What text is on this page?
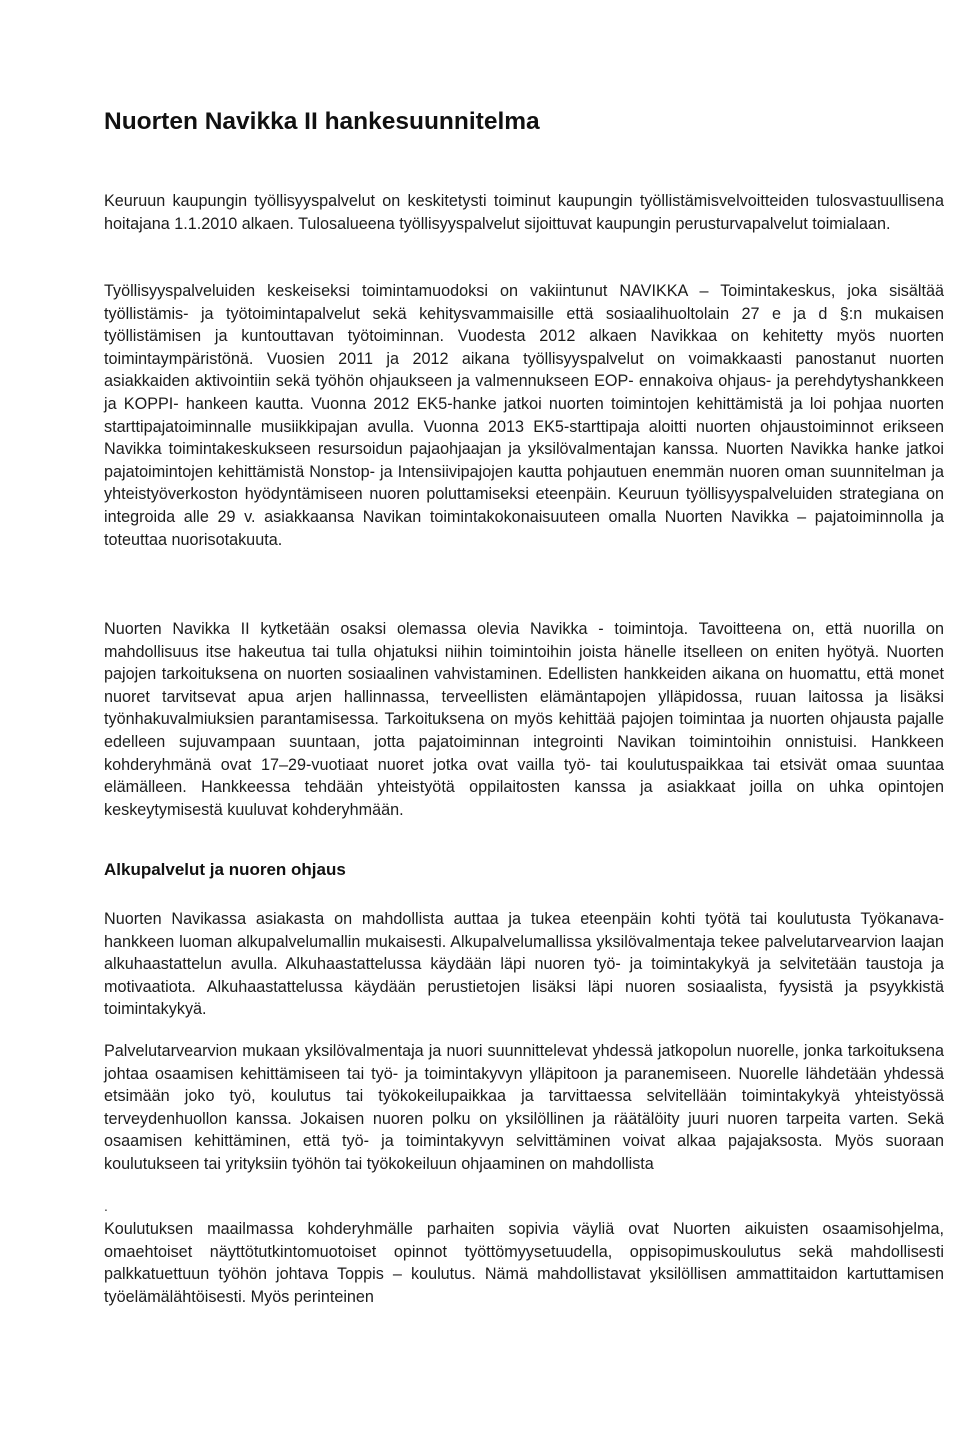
Nuorten Navikka II hankesuunnitelma

Keuruun kaupungin työllisyyspalvelut on keskitetysti toiminut kaupungin työllistämisvelvoitteiden tulosvastuullisena hoitajana 1.1.2010 alkaen. Tulosalueena työllisyyspalvelut sijoittuvat kaupungin perusturvapalvelut toimialaan.

Työllisyyspalveluiden keskeiseksi toimintamuodoksi on vakiintunut NAVIKKA – Toimintakeskus, joka sisältää työllistämis- ja työtoimintapalvelut sekä kehitysvammaisille että sosiaalihuoltolain 27 e ja d §:n mukaisen työllistämisen ja kuntouttavan työtoiminnan. Vuodesta 2012 alkaen Navikkaa on kehitetty myös nuorten toimintaympäristönä. Vuosien 2011 ja 2012 aikana työllisyyspalvelut on voimakkaasti panostanut nuorten asiakkaiden aktivointiin sekä työhön ohjaukseen ja valmennukseen EOP- ennakoiva ohjaus- ja perehdytyshankkeen ja KOPPI- hankeen kautta. Vuonna 2012 EK5-hanke jatkoi nuorten toimintojen kehittämistä ja loi pohjaa nuorten starttipajatoiminnalle musiikkipajan avulla. Vuonna 2013 EK5-starttipaja aloitti nuorten ohjaustoiminnot erikseen Navikka toimintakeskukseen resursoidun pajaohjaajan ja yksilövalmentajan kanssa. Nuorten Navikka hanke jatkoi pajatoimintojen kehittämistä Nonstop- ja Intensiivipajojen kautta pohjautuen enemmän nuoren oman suunnitelman ja yhteistyöverkoston hyödyntämiseen nuoren poluttamiseksi eteenpäin. Keuruun työllisyyspalveluiden strategiana on integroida alle 29 v. asiakkaansa Navikan toimintakokonaisuuteen omalla Nuorten Navikka – pajatoiminnolla ja toteuttaa nuorisotakuuta.

Nuorten Navikka II kytketään osaksi olemassa olevia Navikka - toimintoja. Tavoitteena on, että nuorilla on mahdollisuus itse hakeutua tai tulla ohjatuksi niihin toimintoihin joista hänelle itselleen on eniten hyötyä. Nuorten pajojen tarkoituksena on nuorten sosiaalinen vahvistaminen. Edellisten hankkeiden aikana on huomattu, että monet nuoret tarvitsevat apua arjen hallinnassa, terveellisten elämäntapojen ylläpidossa, ruuan laitossa ja lisäksi työnhakuvalmiuksien parantamisessa. Tarkoituksena on myös kehittää pajojen toimintaa ja nuorten ohjausta pajalle edelleen sujuvampaan suuntaan, jotta pajatoiminnan integrointi Navikan toimintoihin onnistuisi. Hankkeen kohderyhmänä ovat 17–29-vuotiaat nuoret jotka ovat vailla työ- tai koulutuspaikkaa tai etsivät omaa suuntaa elämälleen. Hankkeessa tehdään yhteistyötä oppilaitosten kanssa ja asiakkaat joilla on uhka opintojen keskeytymisestä kuuluvat kohderyhmään.

Alkupalvelut ja nuoren ohjaus

Nuorten Navikassa asiakasta on mahdollista auttaa ja tukea eteenpäin kohti työtä tai koulutusta Työkanava-hankkeen luoman alkupalvelumallin mukaisesti. Alkupalvelumallissa yksilövalmentaja tekee palvelutarvearvion laajan alkuhaastattelun avulla. Alkuhaastattelussa käydään läpi nuoren työ- ja toimintakykyä ja selvitetään taustoja ja motivaatiota. Alkuhaastattelussa käydään perustietojen lisäksi läpi nuoren sosiaalista, fyysistä ja psyykkistä toimintakykyä.

Palvelutarvearvion mukaan yksilövalmentaja ja nuori suunnittelevat yhdessä jatkopolun nuorelle, jonka tarkoituksena johtaa osaamisen kehittämiseen tai työ- ja toimintakyvyn ylläpitoon ja paranemiseen. Nuorelle lähdetään yhdessä etsimään joko työ, koulutus tai työkokeilupaikkaa ja tarvittaessa selvitellään toimintakykyä yhteistyössä terveydenhuollon kanssa. Jokaisen nuoren polku on yksilöllinen ja räätälöity juuri nuoren tarpeita varten. Sekä osaamisen kehittäminen, että työ- ja toimintakyvyn selvittäminen voivat alkaa pajajaksosta. Myös suoraan koulutukseen tai yrityksiin työhön tai työkokeiluun ohjaaminen on mahdollista

.

Koulutuksen maailmassa kohderyhmälle parhaiten sopivia väyliä ovat Nuorten aikuisten osaamisohjelma, omaehtoiset näyttötutkintomuotoiset opinnot työttömyysetuudella, oppisopimuskoulutus sekä mahdollisesti palkkatuettuun työhön johtava Toppis – koulutus. Nämä mahdollistavat yksilöllisen ammattitaidon kartuttamisen työelämälähtöisesti. Myös perinteinen
